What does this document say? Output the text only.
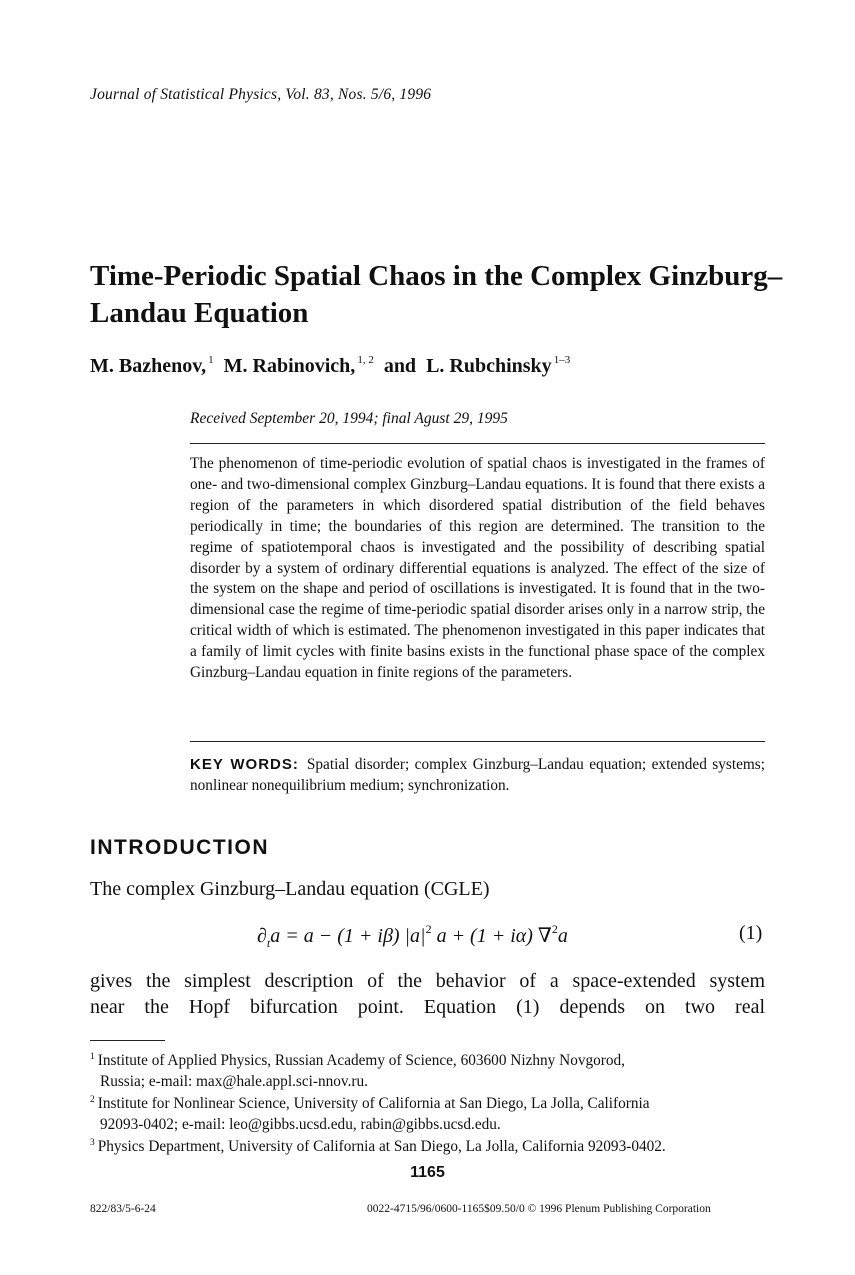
Journal of Statistical Physics, Vol. 83, Nos. 5/6, 1996
Time-Periodic Spatial Chaos in the Complex Ginzburg–Landau Equation
M. Bazhenov, $^1$ M. Rabinovich, $^{1, 2}$ and L. Rubchinsky $^{1-3}$
Received September 20, 1994; final Agust 29, 1995
The phenomenon of time-periodic evolution of spatial chaos is investigated in the frames of one- and two-dimensional complex Ginzburg–Landau equations. It is found that there exists a region of the parameters in which disordered spatial distribution of the field behaves periodically in time; the boundaries of this region are determined. The transition to the regime of spatiotemporal chaos is investigated and the possibility of describing spatial disorder by a system of ordinary differential equations is analyzed. The effect of the size of the system on the shape and period of oscillations is investigated. It is found that in the two-dimensional case the regime of time-periodic spatial disorder arises only in a narrow strip, the critical width of which is estimated. The phenomenon investigated in this paper indicates that a family of limit cycles with finite basins exists in the functional phase space of the complex Ginzburg–Landau equation in finite regions of the parameters.
KEY WORDS: Spatial disorder; complex Ginzburg–Landau equation; extended systems; nonlinear nonequilibrium medium; synchronization.
INTRODUCTION
The complex Ginzburg–Landau equation (CGLE)
$\partial_ta = a - (1 + i\beta)$ $|a|^2$ a + (1 + iα) ∇$^2$a	(1)
gives the simplest description of the behavior of a space-extended system
near the Hopf bifurcation point. Equation (1) depends on two real
$^1$ Institute of Applied Physics, Russian Academy of Science, 603600 Nizhny Novgorod,
Russia; e-mail: max@hale.appl.sci-nnov.ru.
$^2$ Institute for Nonlinear Science, University of California at San Diego, La Jolla, California
92093-0402; e-mail: leo@gibbs.ucsd.edu, rabin@gibbs.ucsd.edu.
$^3$ Physics Department, University of California at San Diego, La Jolla, California 92093-0402.
1165
822/83/5-6-24	0022-4715/96/0600-1165$09.50/0 © 1996 Plenum Publishing Corporation
